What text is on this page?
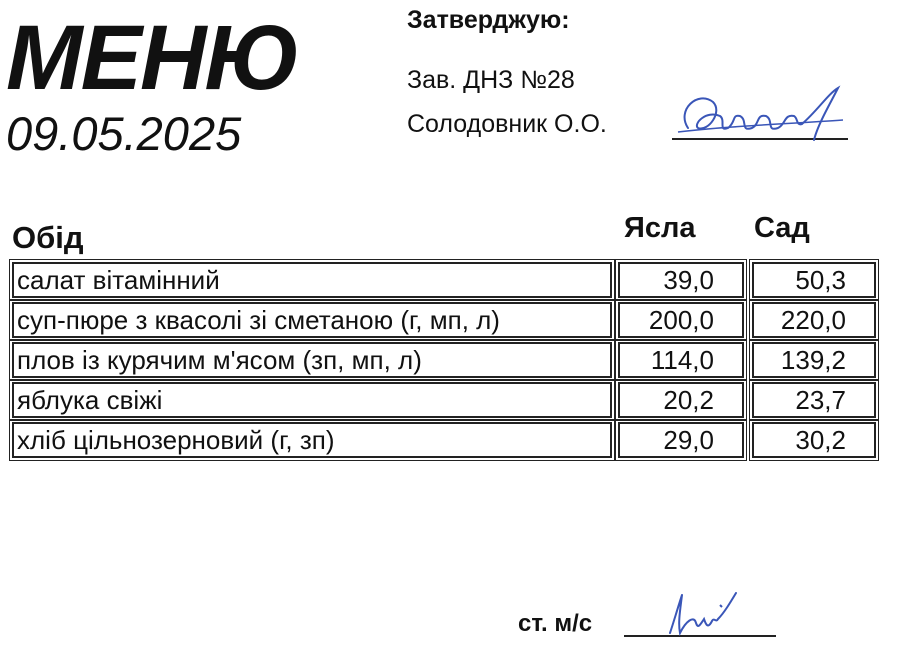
МЕНЮ
09.05.2025
Затверджую:
Зав. ДНЗ №28
Солодовник О.О.
Ясла Сад
Обід
салат вітамінний	39,0	50,3
суп-пюре з квасолі зі сметаною (г, мп, л)	200,0	220,0
плов із курячим м'ясом (зп, мп, л)	114,0	139,2
яблука свіжі	20,2	23,7
хліб цільнозерновий (г, зп)	29,0	30,2
ст. м/с
